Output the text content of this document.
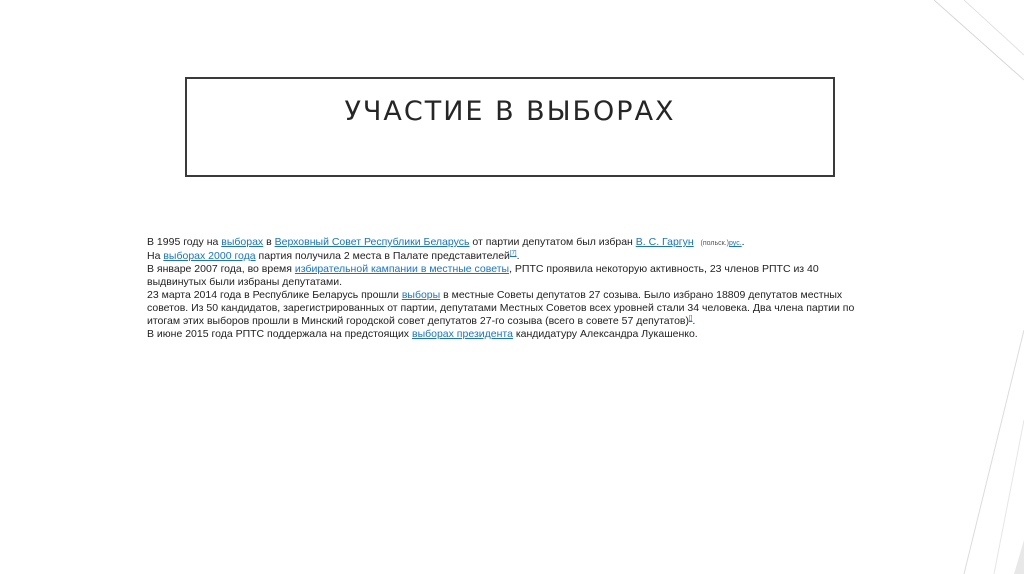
УЧАСТИЕ В ВЫБОРАХ

В 1995 году на выборах в Верховный Совет Республики Беларусь от партии депутатом был избран В. С. Гаргун (польск.)рус..

На выборах 2000 года партия получила 2 места в Палате представителей[7].

В январе 2007 года, во время избирательной кампании в местные советы, РПТС проявила некоторую активность, 23 членов РПТС из 40 выдвинутых были избраны депутатами.

23 марта 2014 года в Республике Беларусь прошли выборы в местные Советы депутатов 27 созыва. Было избрано 18809 депутатов местных советов. Из 50 кандидатов, зарегистрированных от партии, депутатами Местных Советов всех уровней стали 34 человека. Два члена партии по итогам этих выборов прошли в Минский городской совет депутатов 27-го созыва (всего в совете 57 депутатов)[].

В июне 2015 года РПТС поддержала на предстоящих выборах президента кандидатуру Александра Лукашенко.
